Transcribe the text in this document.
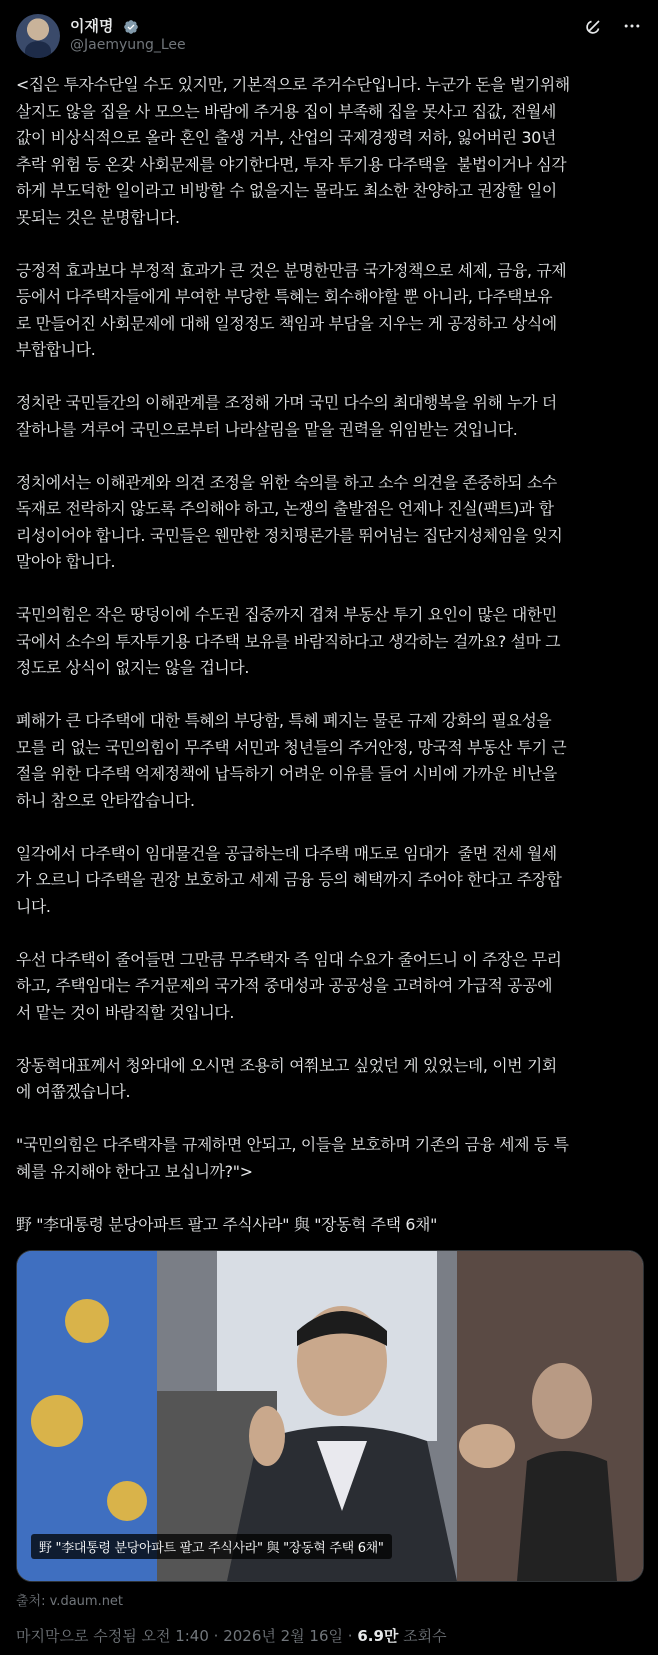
이재명
@Jaemyung_Lee
<집은 투자수단일 수도 있지만, 기본적으로 주거수단입니다. 누군가 돈을 벌기위해
살지도 않을 집을 사 모으는 바람에 주거용 집이 부족해 집을 못사고 집값, 전월세
값이 비상식적으로 올라 혼인 출생 거부, 산업의 국제경쟁력 저하, 잃어버린 30년
추락 위험 등 온갖 사회문제를 야기한다면, 투자 투기용 다주택을  불법이거나 심각
하게 부도덕한 일이라고 비방할 수 없을지는 몰라도 최소한 찬양하고 권장할 일이
못되는 것은 분명합니다.

긍정적 효과보다 부정적 효과가 큰 것은 분명한만큼 국가정책으로 세제, 금융, 규제
등에서 다주택자들에게 부여한 부당한 특혜는 회수해야할 뿐 아니라, 다주택보유
로 만들어진 사회문제에 대해 일정정도 책임과 부담을 지우는 게 공정하고 상식에
부합합니다.

정치란 국민들간의 이해관계를 조정해 가며 국민 다수의 최대행복을 위해 누가 더
잘하나를 겨루어 국민으로부터 나라살림을 맡을 권력을 위임받는 것입니다.

정치에서는 이해관계와 의견 조정을 위한 숙의를 하고 소수 의견을 존중하되 소수
독재로 전락하지 않도록 주의해야 하고, 논쟁의 출발점은 언제나 진실(팩트)과 합
리성이어야 합니다. 국민들은 웬만한 정치평론가를 뛰어넘는 집단지성체임을 잊지
말아야 합니다.

국민의힘은 작은 땅덩이에 수도권 집중까지 겹쳐 부동산 투기 요인이 많은 대한민
국에서 소수의 투자투기용 다주택 보유를 바람직하다고 생각하는 걸까요? 설마 그
정도로 상식이 없지는 않을 겁니다.

폐해가 큰 다주택에 대한 특혜의 부당함, 특혜 폐지는 물론 규제 강화의 필요성을
모를 리 없는 국민의힘이 무주택 서민과 청년들의 주거안정, 망국적 부동산 투기 근
절을 위한 다주택 억제정책에 납득하기 어려운 이유를 들어 시비에 가까운 비난을
하니 참으로 안타깝습니다.

일각에서 다주택이 임대물건을 공급하는데 다주택 매도로 임대가  줄면 전세 월세
가 오르니 다주택을 권장 보호하고 세제 금융 등의 혜택까지 주어야 한다고 주장합
니다.

우선 다주택이 줄어들면 그만큼 무주택자 즉 임대 수요가 줄어드니 이 주장은 무리
하고, 주택임대는 주거문제의 국가적 중대성과 공공성을 고려하여 가급적 공공에
서 맡는 것이 바람직할 것입니다.

장동혁대표께서 청와대에 오시면 조용히 여쭤보고 싶었던 게 있었는데, 이번 기회
에 여쭙겠습니다.

"국민의힘은 다주택자를 규제하면 안되고, 이들을 보호하며 기존의 금융 세제 등 특
혜를 유지해야 한다고 보십니까?">

野 "李대통령 분당아파트 팔고 주식사라" 與 "장동혁 주택 6채"
野 "李대통령 분당아파트 팔고 주식사라" 與 "장동혁 주택 6채"
출처: v.daum.net
마지막으로 수정됨 오전 1:40 · 2026년 2월 16일 · 6.9만 조회수
